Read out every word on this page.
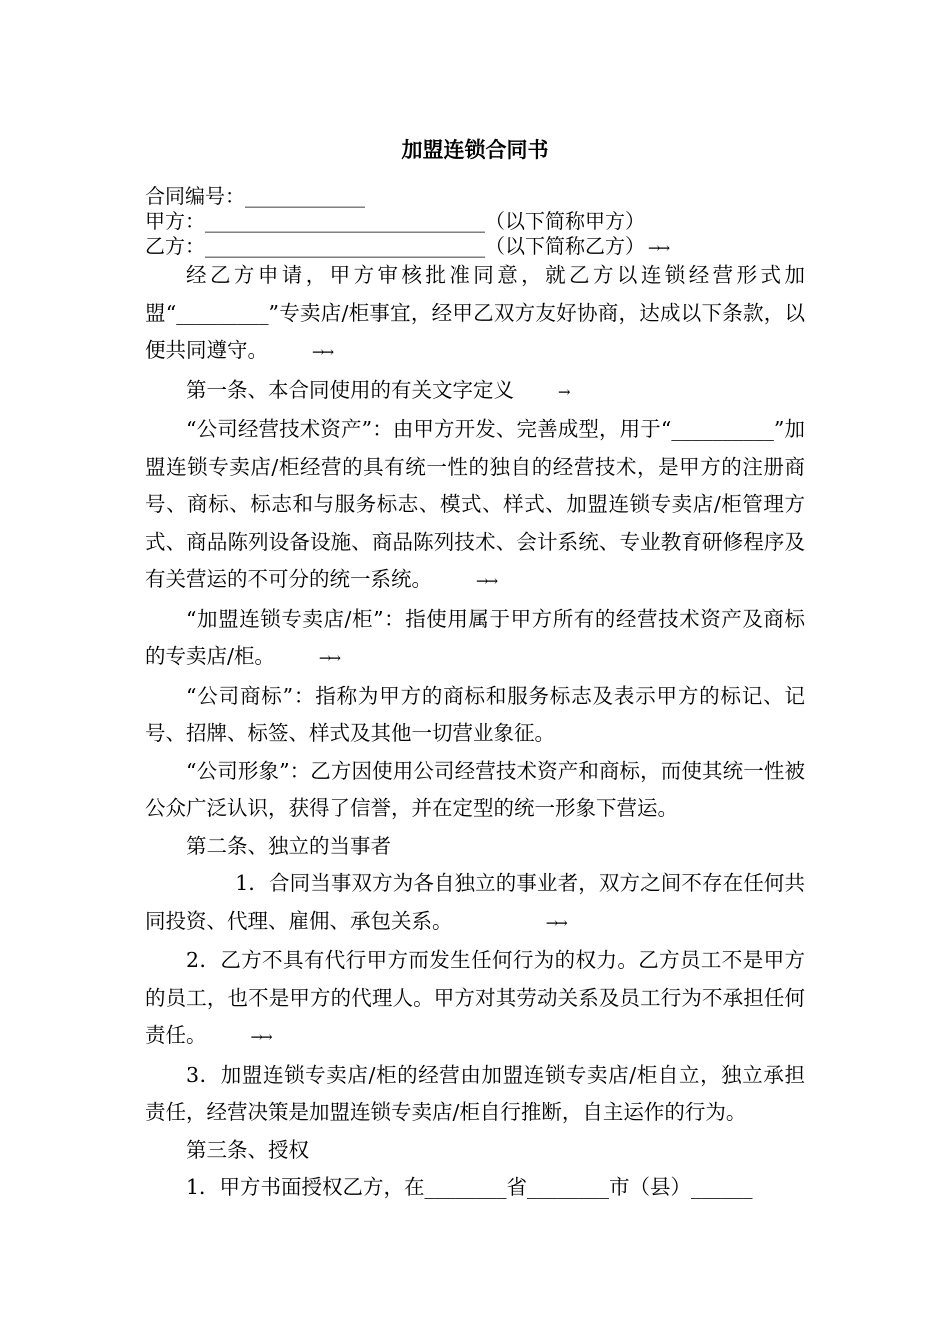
加盟连锁合同书
合同编号：____________
甲方：____________________________（以下简称甲方）
乙方：____________________________（以下简称乙方） →→

经乙方申请，甲方审核批准同意，就乙方以连锁经营形式加盟“_________”专卖店/柜事宜，经甲乙双方友好协商，达成以下条款，以便共同遵守。	→→

第一条、本合同使用的有关文字定义	→

“公司经营技术资产”：由甲方开发、完善成型，用于“__________”加盟连锁专卖店/柜经营的具有统一性的独自的经营技术，是甲方的注册商号、商标、标志和与服务标志、模式、样式、加盟连锁专卖店/柜管理方式、商品陈列设备设施、商品陈列技术、会计系统、专业教育研修程序及有关营运的不可分的统一系统。	→→

“加盟连锁专卖店/柜”：指使用属于甲方所有的经营技术资产及商标的专卖店/柜。	→→

“公司商标”：指称为甲方的商标和服务标志及表示甲方的标记、记号、招牌、标签、样式及其他一切营业象征。

“公司形象”：乙方因使用公司经营技术资产和商标，而使其统一性被公众广泛认识，获得了信誉，并在定型的统一形象下营运。

第二条、独立的当事者

1．合同当事双方为各自独立的事业者，双方之间不存在任何共同投资、代理、雇佣、承包关系。	→→

2．乙方不具有代行甲方而发生任何行为的权力。乙方员工不是甲方的员工，也不是甲方的代理人。甲方对其劳动关系及员工行为不承担任何责任。	→→

3．加盟连锁专卖店/柜的经营由加盟连锁专卖店/柜自立，独立承担责任，经营决策是加盟连锁专卖店/柜自行推断，自主运作的行为。

第三条、授权

1．甲方书面授权乙方，在________省________市（县）______
